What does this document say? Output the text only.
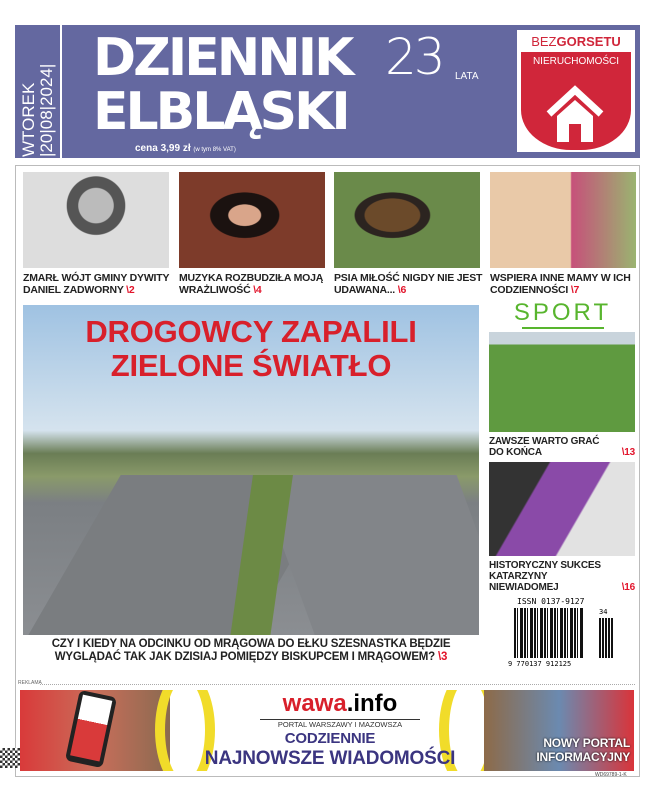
WTOREK |20|08|2024|
DZIENNIK
ELBLĄSKI
23 LATA
cena 3,99 zł (w tym 8% VAT)
BEZGORSETU
NIERUCHOMOŚCI
ZMARŁ WÓJT GMINY DYWITY DANIEL ZADWORNY \2
MUZYKA ROZBUDZIŁA MOJĄ WRAŻLIWOŚĆ \4
PSIA MIŁOŚĆ NIGDY NIE JEST UDAWANA... \6
WSPIERA INNE MAMY W ICH CODZIENNOŚCI \7
DROGOWCY ZAPALILI
ZIELONE ŚWIATŁO
CZY I KIEDY NA ODCINKU OD MRĄGOWA DO EŁKU SZESNASTKA BĘDZIE WYGLĄDAĆ TAK JAK DZISIAJ POMIĘDZY BISKUPCEM I MRĄGOWEM? \3
SPORT
ZAWSZE WARTO GRAĆ DO KOŃCA	\13
HISTORYCZNY SUKCES KATARZYNY NIEWIADOMEJ	\16
ISSN 0137-9127
9 770137 912125
34
REKLAMA
wawa.info
PORTAL WARSZAWY I MAZOWSZA
CODZIENNIE
NAJNOWSZE WIADOMOŚCI
NOWY PORTAL INFORMACYJNY
WD69789-1-K
